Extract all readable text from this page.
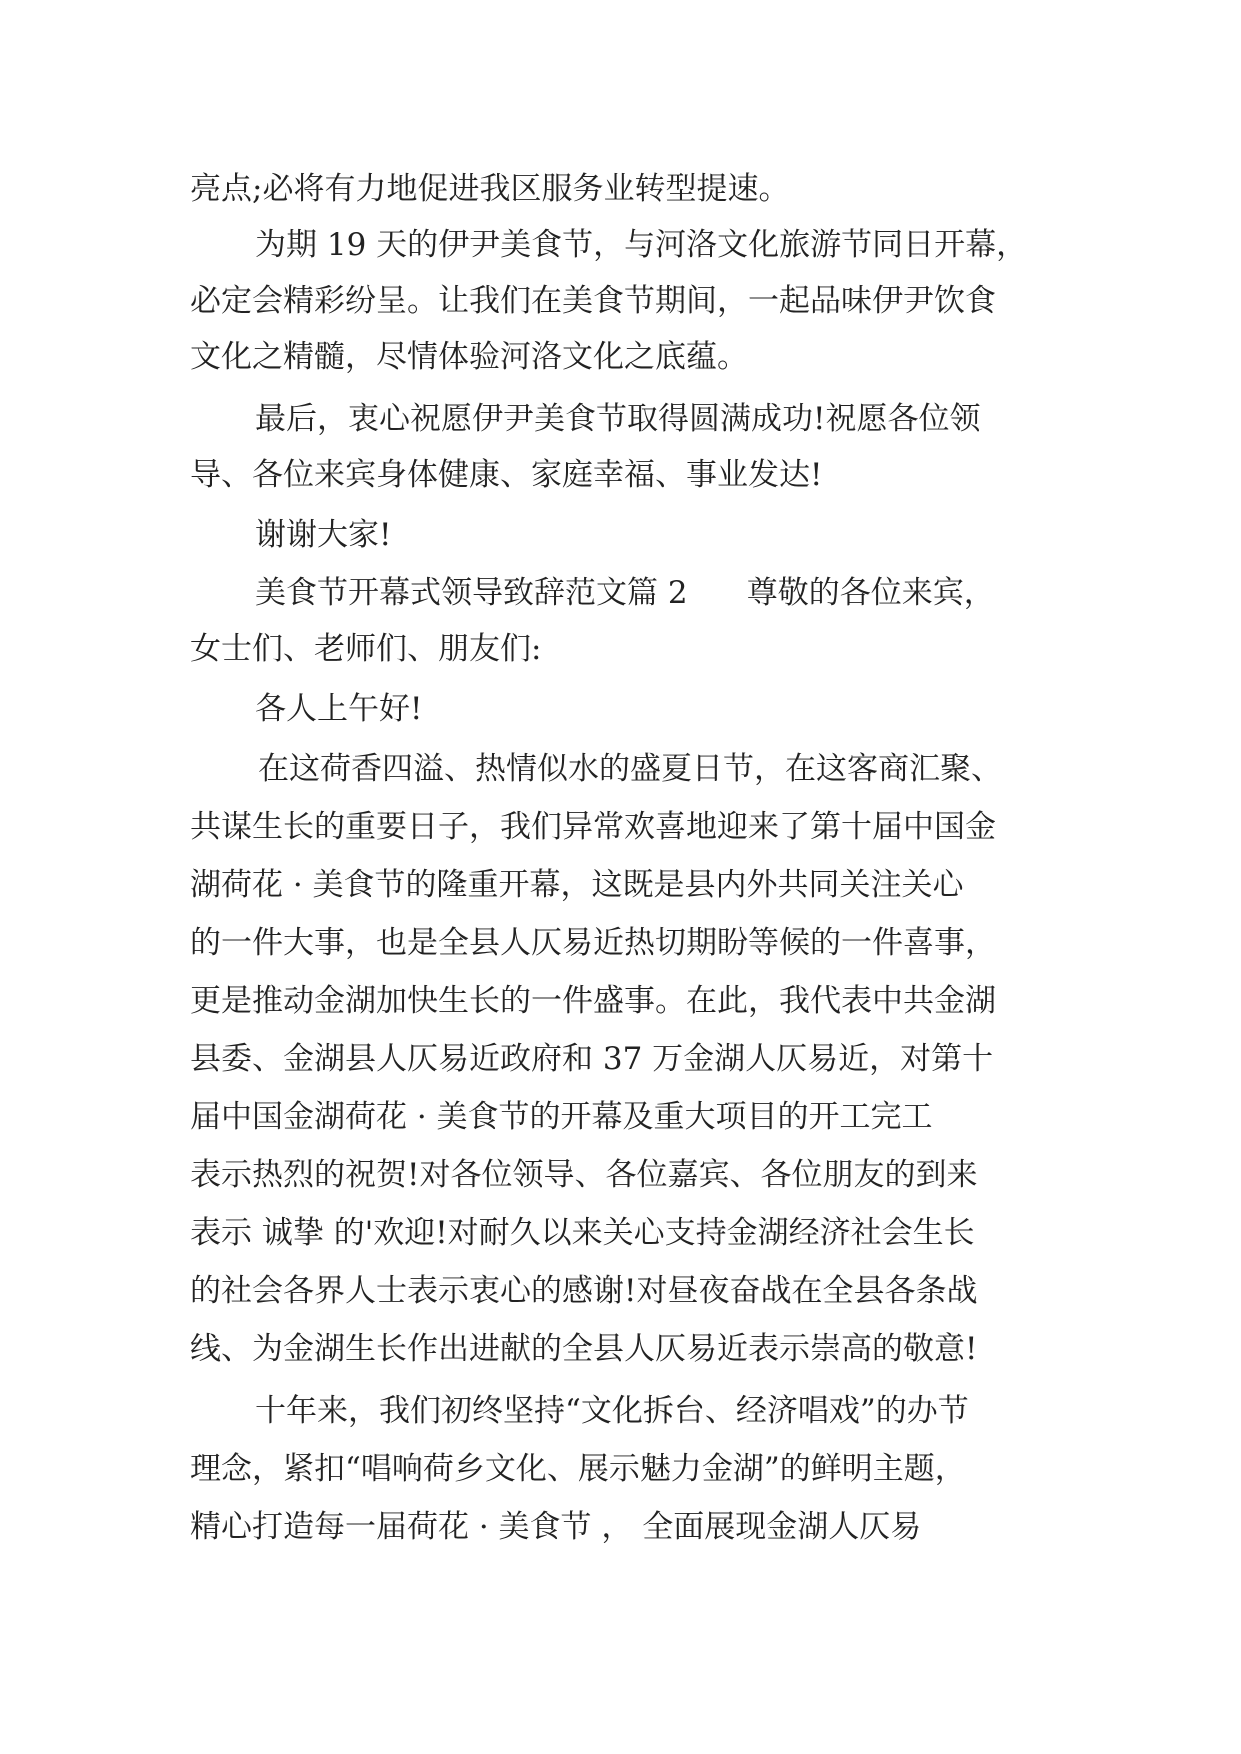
亮点;必将有力地促进我区服务业转型提速。
为期 19 天的伊尹美食节，与河洛文化旅游节同日开幕，
必定会精彩纷呈。让我们在美食节期间，一起品味伊尹饮食
文化之精髓，尽情体验河洛文化之底蕴。
最后，衷心祝愿伊尹美食节取得圆满成功!祝愿各位领
导、各位来宾身体健康、家庭幸福、事业发达!
谢谢大家!
美食节开幕式领导致辞范文篇 2      尊敬的各位来宾，
女士们、老师们、朋友们:
各人上午好!
在这荷香四溢、热情似水的盛夏日节，在这客商汇聚、
共谋生长的重要日子，我们异常欢喜地迎来了第十届中国金
湖荷花 · 美食节的隆重开幕，这既是县内外共同关注关心
的一件大事，也是全县人仄易近热切期盼等候的一件喜事，
更是推动金湖加快生长的一件盛事。在此，我代表中共金湖
县委、金湖县人仄易近政府和 37 万金湖人仄易近，对第十
届中国金湖荷花 · 美食节的开幕及重大项目的开工完工
表示热烈的祝贺!对各位领导、各位嘉宾、各位朋友的到来
表示 诚挚 的'欢迎!对耐久以来关心支持金湖经济社会生长
的社会各界人士表示衷心的感谢!对昼夜奋战在全县各条战
线、为金湖生长作出进献的全县人仄易近表示崇高的敬意!
十年来，我们初终坚持“文化拆台、经济唱戏”的办节
理念，紧扣“唱响荷乡文化、展示魅力金湖”的鲜明主题，
精心打造每一届荷花 · 美食节 ， 全面展现金湖人仄易
